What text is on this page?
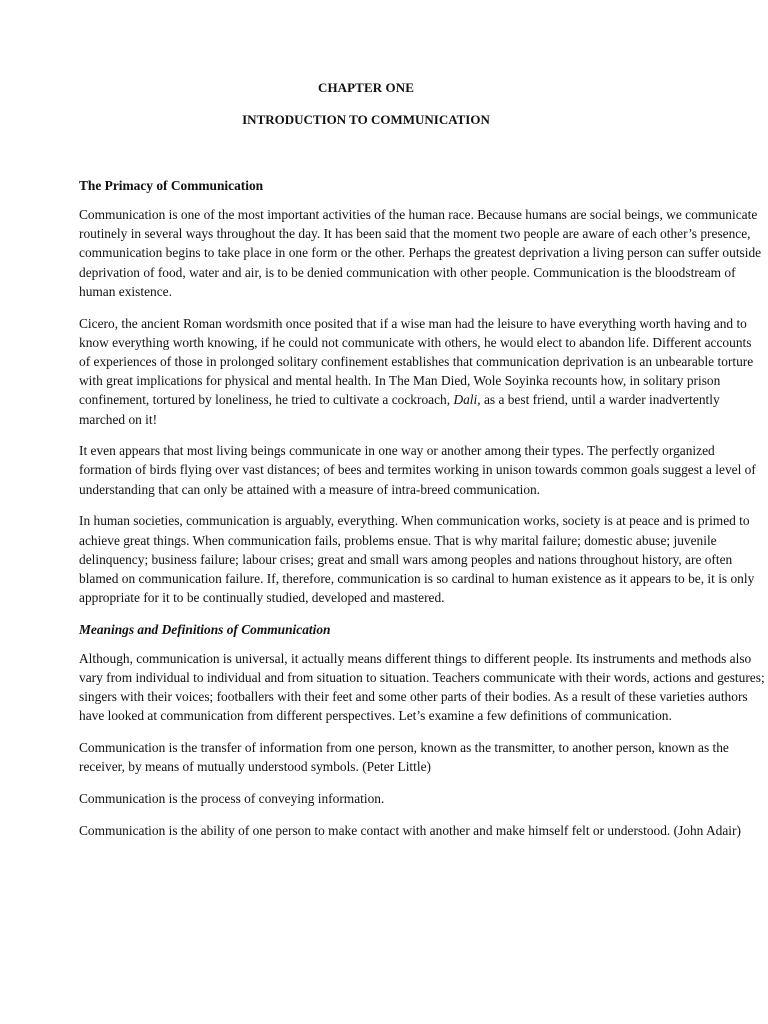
CHAPTER ONE
INTRODUCTION TO COMMUNICATION
The Primacy of Communication

Communication is one of the most important activities of the human race. Because humans are social beings, we communicate routinely in several ways throughout the day. It has been said that the moment two people are aware of each other’s presence, communication begins to take place in one form or the other. Perhaps the greatest deprivation a living person can suffer outside deprivation of food, water and air, is to be denied communication with other people. Communication is the bloodstream of human existence.

Cicero, the ancient Roman wordsmith once posited that if a wise man had the leisure to have everything worth having and to know everything worth knowing, if he could not communicate with others, he would elect to abandon life. Different accounts of experiences of those in prolonged solitary confinement establishes that communication deprivation is an unbearable torture with great implications for physical and mental health. In The Man Died, Wole Soyinka recounts how, in solitary prison confinement, tortured by loneliness, he tried to cultivate a cockroach, Dali, as a best friend, until a warder inadvertently marched on it!

It even appears that most living beings communicate in one way or another among their types. The perfectly organized formation of birds flying over vast distances; of bees and termites working in unison towards common goals suggest a level of understanding that can only be attained with a measure of intra-breed communication.

In human societies, communication is arguably, everything. When communication works, society is at peace and is primed to achieve great things. When communication fails, problems ensue. That is why marital failure; domestic abuse; juvenile delinquency; business failure; labour crises; great and small wars among peoples and nations throughout history, are often blamed on communication failure. If, therefore, communication is so cardinal to human existence as it appears to be, it is only appropriate for it to be continually studied, developed and mastered.

Meanings and Definitions of Communication

Although, communication is universal, it actually means different things to different people. Its instruments and methods also vary from individual to individual and from situation to situation. Teachers communicate with their words, actions and gestures; singers with their voices; footballers with their feet and some other parts of their bodies. As a result of these varieties authors have looked at communication from different perspectives. Let’s examine a few definitions of communication.

Communication is the transfer of information from one person, known as the transmitter, to another person, known as the receiver, by means of mutually understood symbols. (Peter Little)

Communication is the process of conveying information.

Communication is the ability of one person to make contact with another and make himself felt or understood. (John Adair)
